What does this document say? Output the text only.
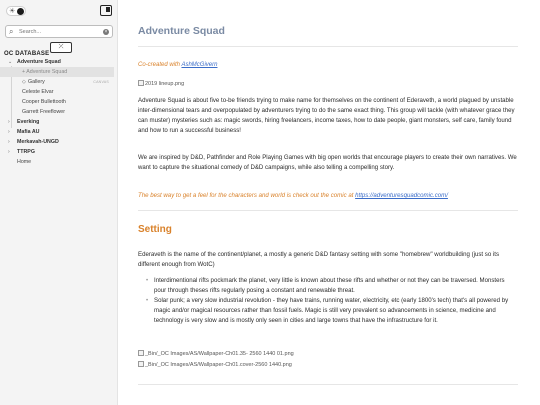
☀
⌕
Search...	×
OC DATABASE
⤫
⌄ Adventure Squad
+ Adventure Squad
◇ Gallery	CANVAS
Celeste Elvar
Cooper Bullettooth
Garrett Freeflower
› Everking
› Mafia AU
› Merkavah-UNGD
› TTRPG
Home
Adventure Squad
Co-created with AshMcGivern
2019 lineup.png

Adventure Squad is about five to-be friends trying to make name for themselves on the continent of Ederaveth, a world plagued by unstable inter-dimensional tears and overpopulated by adventurers trying to do the same exact thing. This group will tackle (with whatever grace they can muster) mysteries such as: magic swords, hiring freelancers, income taxes, how to date people, giant monsters, self care, family found and how to run a successful business!

We are inspired by D&D, Pathfinder and Role Playing Games with big open worlds that encourage players to create their own narratives. We want to capture the situational comedy of D&D campaigns, while also telling a compelling story.

The best way to get a feel for the characters and world is check out the comic at https://adventuresquadcomic.com/

Setting

Ederaveth is the name of the continent/planet, a mostly a generic D&D fantasy setting with some "homebrew" worldbuilding (just so its different enough from WotC)

• Interdimentional rifts pockmark the planet, very little is known about these rifts and whether or not they can be traversed. Monsters pour through theses rifts regularly posing a constant and renewable threat.
• Solar punk; a very slow industrial revolution - they have trains, running water, electricity, etc (early 1800's tech) that's all powered by magic and/or magical resources rather than fossil fuels. Magic is still very prevalent so advancements in science, medicine and technology is very slow and is mostly only seen in cities and large towns that have the infrastructure for it.
_Bin/_OC Images/AS/Wallpaper-Ch01.35- 2560 1440 01.png
_Bin/_OC Images/AS/Wallpaper-Ch01.cover-2560 1440.png
